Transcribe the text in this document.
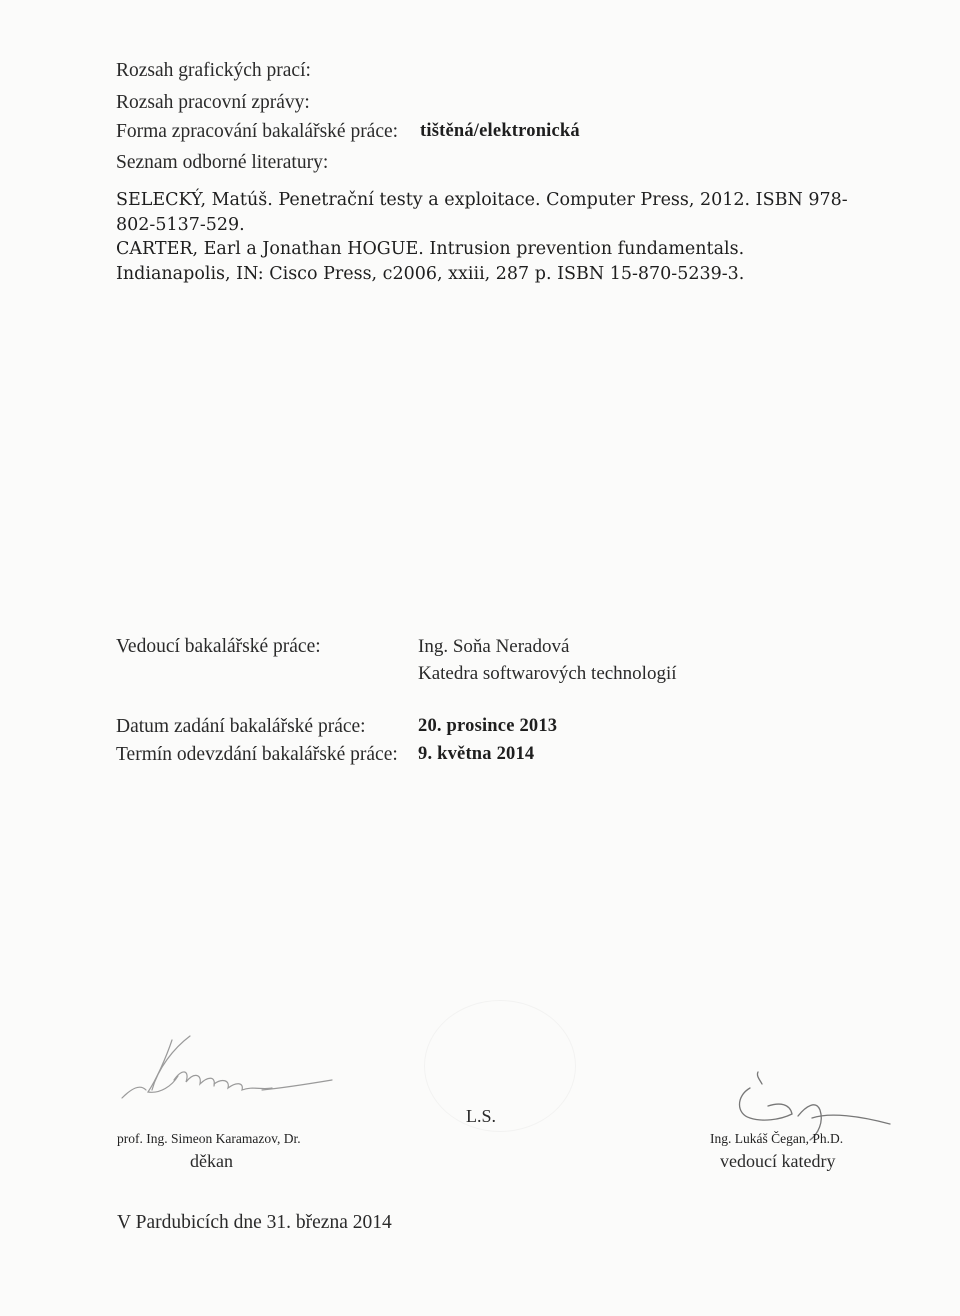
Rozsah grafických prací:
Rozsah pracovní zprávy:
Forma zpracování bakalářské práce: tištěná/elektronická
Seznam odborné literatury:

SELECKÝ, Matúš. Penetrační testy a exploitace. Computer Press, 2012. ISBN 978-802-5137-529.

CARTER, Earl a Jonathan HOGUE. Intrusion prevention fundamentals. Indianapolis, IN: Cisco Press, c2006, xxiii, 287 p. ISBN 15-870-5239-3.

Vedoucí bakalářské práce:	Ing. Soňa Neradová
Katedra softwarových technologií
Datum zadání bakalářské práce:	20. prosince 2013
Termín odevzdání bakalářské práce: 9. května 2014
L.S.
prof. Ing. Simeon Karamazov, Dr.
děkan
Ing. Lukáš Čegan, Ph.D.
vedoucí katedry
V Pardubicích dne 31. března 2014
